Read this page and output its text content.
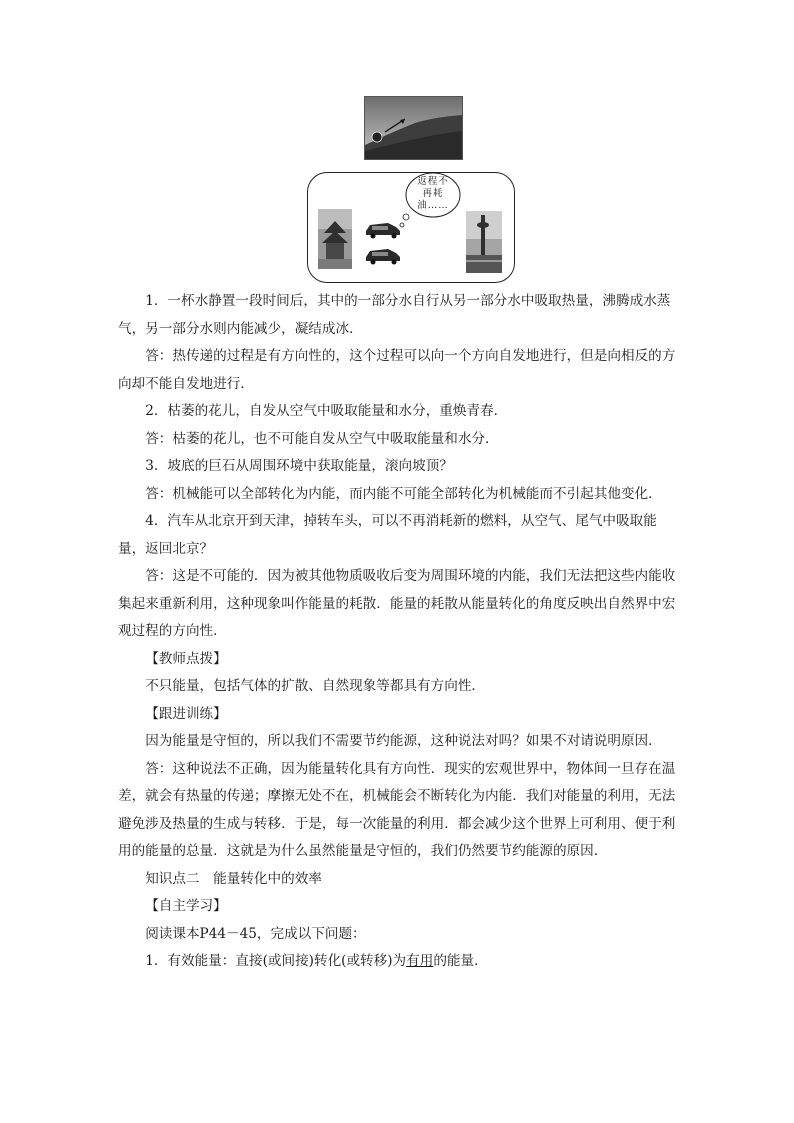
返程不再耗油……

1．一杯水静置一段时间后，其中的一部分水自行从另一部分水中吸取热量，沸腾成水蒸气，另一部分水则内能减少，凝结成冰．

答：热传递的过程是有方向性的，这个过程可以向一个方向自发地进行，但是向相反的方向却不能自发地进行．

2．枯萎的花儿，自发从空气中吸取能量和水分，重焕青春．

答：枯萎的花儿，也不可能自发从空气中吸取能量和水分．

3．坡底的巨石从周围环境中获取能量，滚向坡顶？

答：机械能可以全部转化为内能，而内能不可能全部转化为机械能而不引起其他变化．

4．汽车从北京开到天津，掉转车头，可以不再消耗新的燃料，从空气、尾气中吸取能量，返回北京？

答：这是不可能的．因为被其他物质吸收后变为周围环境的内能，我们无法把这些内能收集起来重新利用，这种现象叫作能量的耗散．能量的耗散从能量转化的角度反映出自然界中宏观过程的方向性．

【教师点拨】

不只能量，包括气体的扩散、自然现象等都具有方向性．

【跟进训练】

因为能量是守恒的，所以我们不需要节约能源，这种说法对吗？如果不对请说明原因．

答：这种说法不正确，因为能量转化具有方向性．现实的宏观世界中，物体间一旦存在温差，就会有热量的传递；摩擦无处不在，机械能会不断转化为内能．我们对能量的利用，无法避免涉及热量的生成与转移．于是，每一次能量的利用．都会减少这个世界上可利用、便于利用的能量的总量．这就是为什么虽然能量是守恒的，我们仍然要节约能源的原因．

知识点二　能量转化中的效率

【自主学习】

阅读课本P44－45，完成以下问题：

1．有效能量：直接(或间接)转化(或转移)为有用的能量．
